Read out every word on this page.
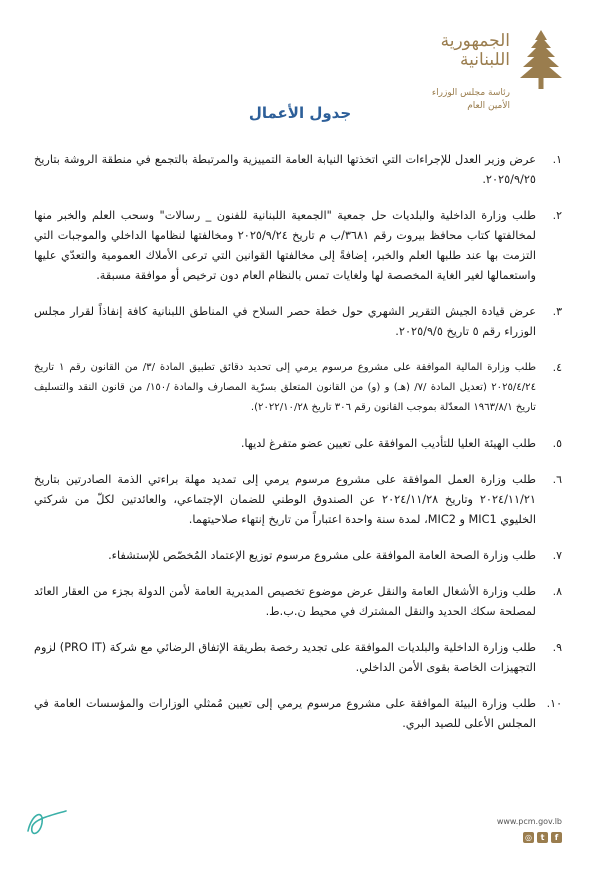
الجمهورية اللبنانية
رئاسة مجلس الوزراء
الأمين العام
جدول الأعمال
١.
عرض وزير العدل للإجراءات التي اتخذتها النيابة العامة التمييزية والمرتبطة بالتجمع في منطقة الروشة بتاريخ ٢٠٢٥/٩/٢٥.
٢.
طلب وزارة الداخلية والبلديات حل جمعية "الجمعية اللبنانية للفنون _ رسالات" وسحب العلم والخبر منها لمخالفتها كتاب محافظ بيروت رقم ٣٦٨١/ب م تاريخ ٢٠٢٥/٩/٢٤ ومخالفتها لنظامها الداخلي والموجبات التي التزمت بها عند طلبها العلم والخبر، إضافةً إلى مخالفتها القوانين التي ترعى الأملاك العمومية والتعدّي عليها واستعمالها لغير الغاية المخصصة لها ولغايات تمس بالنظام العام دون ترخيص أو موافقة مسبقة.
٣.
عرض قيادة الجيش التقرير الشهري حول خطة حصر السلاح في المناطق اللبنانية كافة إنفاذاً لقرار مجلس الوزراء رقم ٥ تاريخ ٢٠٢٥/٩/٥.
٤.
طلب وزارة المالية الموافقة على مشروع مرسوم يرمي إلى تحديد دقائق تطبيق المادة /٣/ من القانون رقم ١ تاريخ ٢٠٢٥/٤/٢٤ (تعديل المادة /٧/ (هـ) و (و) من القانون المتعلق بسرّية المصارف والمادة /١٥٠/ من قانون النقد والتسليف تاريخ ١٩٦٣/٨/١ المعدّلة بموجب القانون رقم ٣٠٦ تاريخ ٢٠٢٢/١٠/٢٨).
٥.
طلب الهيئة العليا للتأديب الموافقة على تعيين عضو متفرغ لديها.
٦.
طلب وزارة العمل الموافقة على مشروع مرسوم يرمي إلى تمديد مهلة براءتي الذمة الصادرتين بتاريخ ٢٠٢٤/١١/٢١ وتاريخ ٢٠٢٤/١١/٢٨ عن الصندوق الوطني للضمان الإجتماعي، والعائدتين لكلّ من شركتي الخليوي MIC1 و MIC2، لمدة سنة واحدة اعتباراً من تاريخ إنتهاء صلاحيتهما.
٧.
طلب وزارة الصحة العامة الموافقة على مشروع مرسوم توزيع الإعتماد المُخصّص للإستشفاء.
٨.
طلب وزارة الأشغال العامة والنقل عرض موضوع تخصيص المديرية العامة لأمن الدولة بجزء من العقار العائد لمصلحة سكك الحديد والنقل المشترك في محيط ن.ب.ط.
٩.
طلب وزارة الداخلية والبلديات الموافقة على تجديد رخصة بطريقة الإتفاق الرضائي مع شركة (PRO IT) لزوم التجهيزات الخاصة بقوى الأمن الداخلي.
١٠.
طلب وزارة البيئة الموافقة على مشروع مرسوم يرمي إلى تعيين مُمثلي الوزارات والمؤسسات العامة في المجلس الأعلى للصيد البري.
www.pcm.gov.lb
◎	t	f
